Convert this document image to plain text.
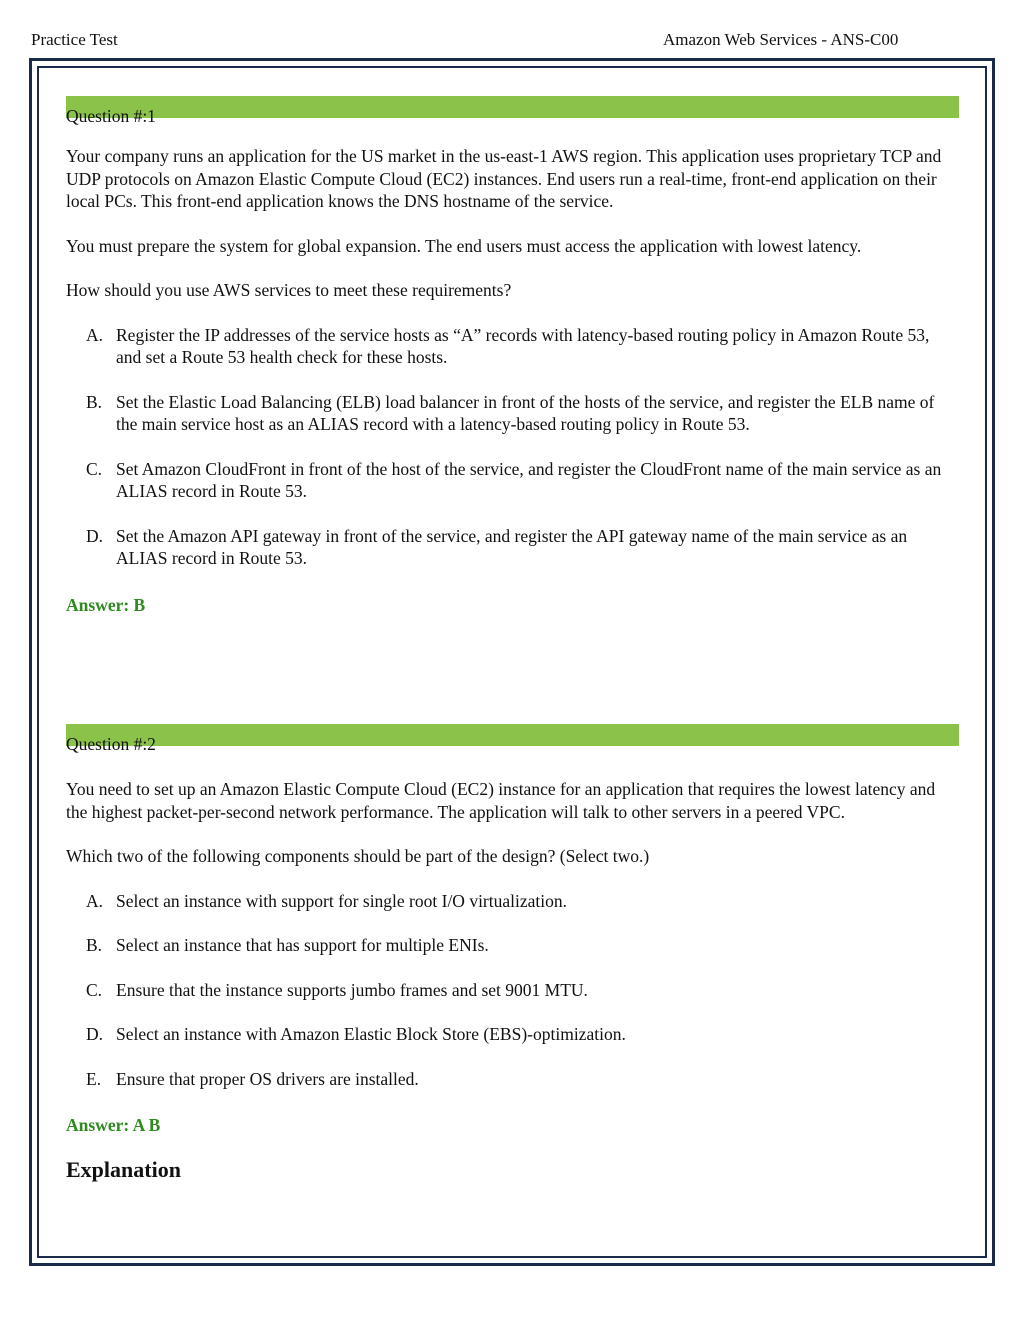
Practice Test	Amazon Web Services - ANS-C00
Question #:1

Your company runs an application for the US market in the us-east-1 AWS region. This application uses proprietary TCP and UDP protocols on Amazon Elastic Compute Cloud (EC2) instances. End users run a real-time, front-end application on their local PCs. This front-end application knows the DNS hostname of the service.

You must prepare the system for global expansion. The end users must access the application with lowest latency.

How should you use AWS services to meet these requirements?

A. Register the IP addresses of the service hosts as “A” records with latency-based routing policy in Amazon Route 53, and set a Route 53 health check for these hosts.
B. Set the Elastic Load Balancing (ELB) load balancer in front of the hosts of the service, and register the ELB name of the main service host as an ALIAS record with a latency-based routing policy in Route 53.
C. Set Amazon CloudFront in front of the host of the service, and register the CloudFront name of the main service as an ALIAS record in Route 53.
D. Set the Amazon API gateway in front of the service, and register the API gateway name of the main service as an ALIAS record in Route 53.

Answer: B

Question #:2

You need to set up an Amazon Elastic Compute Cloud (EC2) instance for an application that requires the lowest latency and the highest packet-per-second network performance. The application will talk to other servers in a peered VPC.

Which two of the following components should be part of the design? (Select two.)

A. Select an instance with support for single root I/O virtualization.
B. Select an instance that has support for multiple ENIs.
C. Ensure that the instance supports jumbo frames and set 9001 MTU.
D. Select an instance with Amazon Elastic Block Store (EBS)-optimization.
E. Ensure that proper OS drivers are installed.

Answer: A B

Explanation
